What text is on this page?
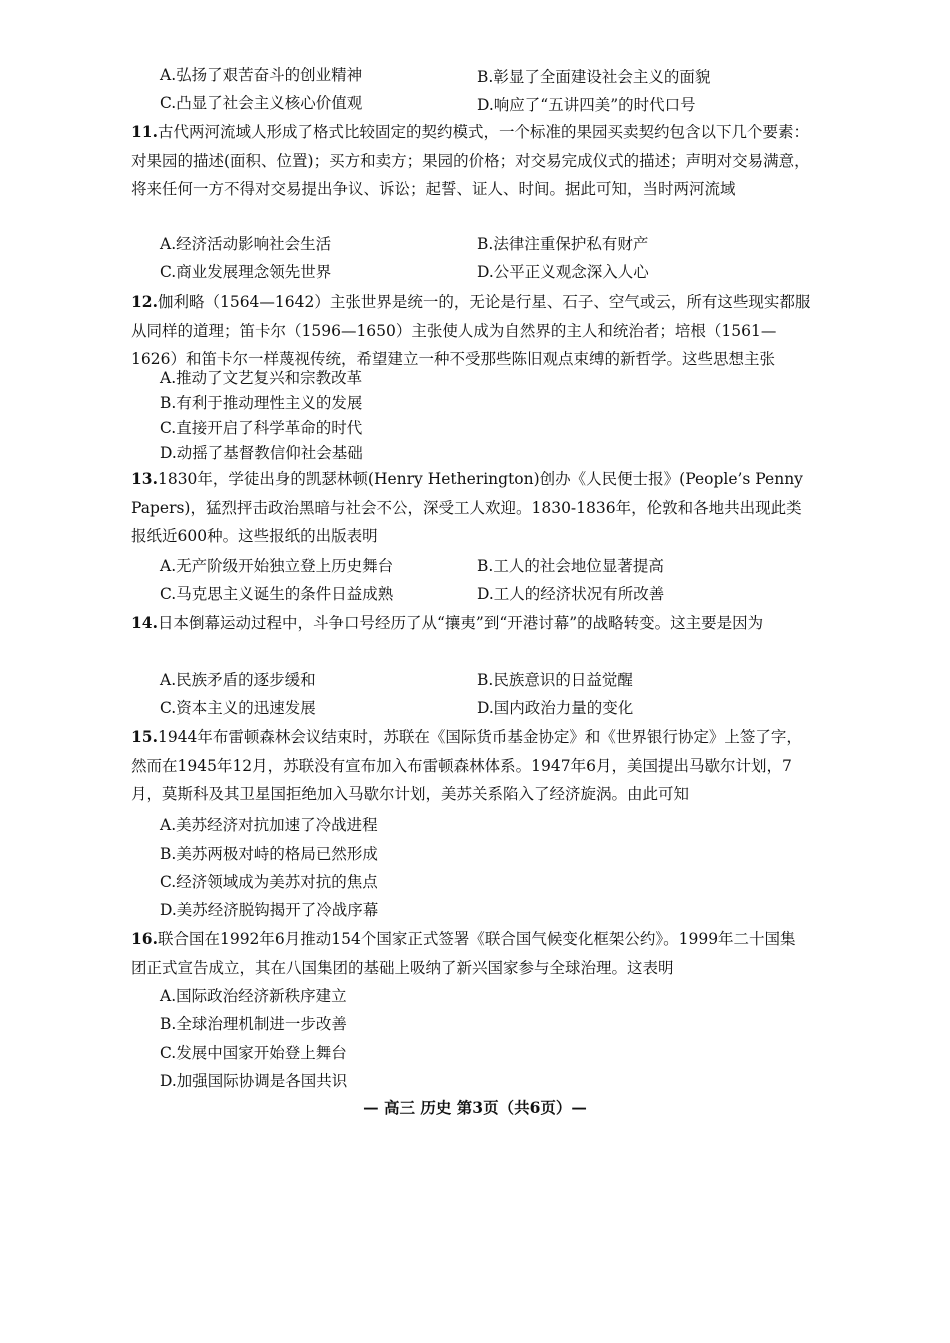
A.弘扬了艰苦奋斗的创业精神	B.彰显了全面建设社会主义的面貌
C.凸显了社会主义核心价值观	D.响应了“五讲四美”的时代口号
11.古代两河流域人形成了格式比较固定的契约模式，一个标准的果园买卖契约包含以下几个要素：对果园的描述(面积、位置)；买方和卖方；果园的价格；对交易完成仪式的描述；声明对交易满意，将来任何一方不得对交易提出争议、诉讼；起誓、证人、时间。据此可知，当时两河流域
A.经济活动影响社会生活	B.法律注重保护私有财产
C.商业发展理念领先世界	D.公平正义观念深入人心
12.伽利略（1564—1642）主张世界是统一的，无论是行星、石子、空气或云，所有这些现实都服从同样的道理；笛卡尔（1596—1650）主张使人成为自然界的主人和统治者；培根（1561—1626）和笛卡尔一样蔑视传统，希望建立一种不受那些陈旧观点束缚的新哲学。这些思想主张
A.推动了文艺复兴和宗教改革
B.有利于推动理性主义的发展
C.直接开启了科学革命的时代
D.动摇了基督教信仰社会基础
13.1830年，学徒出身的凯瑟林顿(Henry Hetherington)创办《人民便士报》(People’s Penny Papers)，猛烈抨击政治黑暗与社会不公，深受工人欢迎。1830-1836年，伦敦和各地共出现此类报纸近600种。这些报纸的出版表明
A.无产阶级开始独立登上历史舞台	B.工人的社会地位显著提高
C.马克思主义诞生的条件日益成熟	D.工人的经济状况有所改善
14.日本倒幕运动过程中，斗争口号经历了从“攘夷”到“开港讨幕”的战略转变。这主要是因为
A.民族矛盾的逐步缓和	B.民族意识的日益觉醒
C.资本主义的迅速发展	D.国内政治力量的变化
15.1944年布雷顿森林会议结束时，苏联在《国际货币基金协定》和《世界银行协定》上签了字，然而在1945年12月，苏联没有宣布加入布雷顿森林体系。1947年6月，美国提出马歇尔计划，7月，莫斯科及其卫星国拒绝加入马歇尔计划，美苏关系陷入了经济旋涡。由此可知
A.美苏经济对抗加速了冷战进程
B.美苏两极对峙的格局已然形成
C.经济领域成为美苏对抗的焦点
D.美苏经济脱钩揭开了冷战序幕
16.联合国在1992年6月推动154个国家正式签署《联合国气候变化框架公约》。1999年二十国集团正式宣告成立，其在八国集团的基础上吸纳了新兴国家参与全球治理。这表明
A.国际政治经济新秩序建立
B.全球治理机制进一步改善
C.发展中国家开始登上舞台
D.加强国际协调是各国共识
— 高三 历史 第3页（共6页）—
